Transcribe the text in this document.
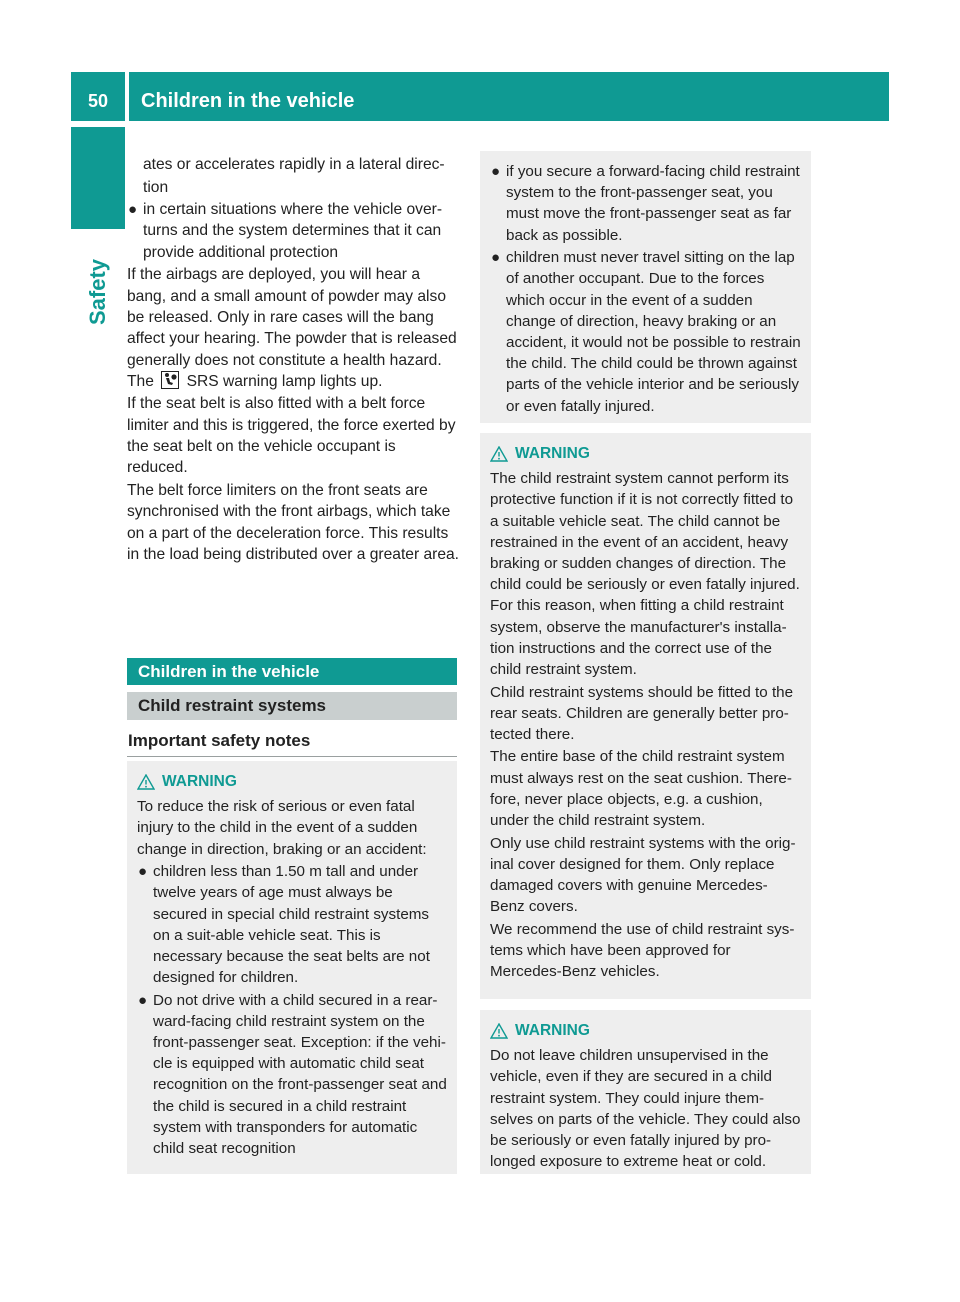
50	Children in the vehicle
Safety

ates or accelerates rapidly in a lateral direc-

tion

● in certain situations where the vehicle over-turns and the system determines that it can provide additional protection

If the airbags are deployed, you will hear a bang, and a small amount of powder may also be released. Only in rare cases will the bang affect your hearing. The powder that is released generally does not constitute a health hazard. The SRS warning lamp lights up.

If the seat belt is also fitted with a belt force limiter and this is triggered, the force exerted by the seat belt on the vehicle occupant is reduced.

The belt force limiters on the front seats are synchronised with the front airbags, which take on a part of the deceleration force. This results in the load being distributed over a greater area.

Children in the vehicle
Child restraint systems
Important safety notes
WARNING

To reduce the risk of serious or even fatal injury to the child in the event of a sudden change in direction, braking or an accident:

● children less than 1.50 m tall and under twelve years of age must always be secured in special child restraint systems on a suit-able vehicle seat. This is necessary because the seat belts are not designed for children.
● Do not drive with a child secured in a rear-ward-facing child restraint system on the front-passenger seat. Exception: if the vehi-cle is equipped with automatic child seat recognition on the front-passenger seat and the child is secured in a child restraint system with transponders for automatic child seat recognition
● if you secure a forward-facing child restraint system to the front-passenger seat, you must move the front-passenger seat as far back as possible.
● children must never travel sitting on the lap of another occupant. Due to the forces which occur in the event of a sudden change of direction, heavy braking or an accident, it would not be possible to restrain the child. The child could be thrown against parts of the vehicle interior and be seriously or even fatally injured.
WARNING

The child restraint system cannot perform its protective function if it is not correctly fitted to a suitable vehicle seat. The child cannot be restrained in the event of an accident, heavy braking or sudden changes of direction. The child could be seriously or even fatally injured. For this reason, when fitting a child restraint system, observe the manufacturer's installa-tion instructions and the correct use of the child restraint system.

Child restraint systems should be fitted to the rear seats. Children are generally better pro-tected there.

The entire base of the child restraint system must always rest on the seat cushion. There-fore, never place objects, e.g. a cushion, under the child restraint system.

Only use child restraint systems with the orig-inal cover designed for them. Only replace damaged covers with genuine Mercedes-Benz covers.

We recommend the use of child restraint sys-tems which have been approved for Mercedes-Benz vehicles.

WARNING

Do not leave children unsupervised in the vehicle, even if they are secured in a child restraint system. They could injure them-selves on parts of the vehicle. They could also be seriously or even fatally injured by pro-longed exposure to extreme heat or cold.
